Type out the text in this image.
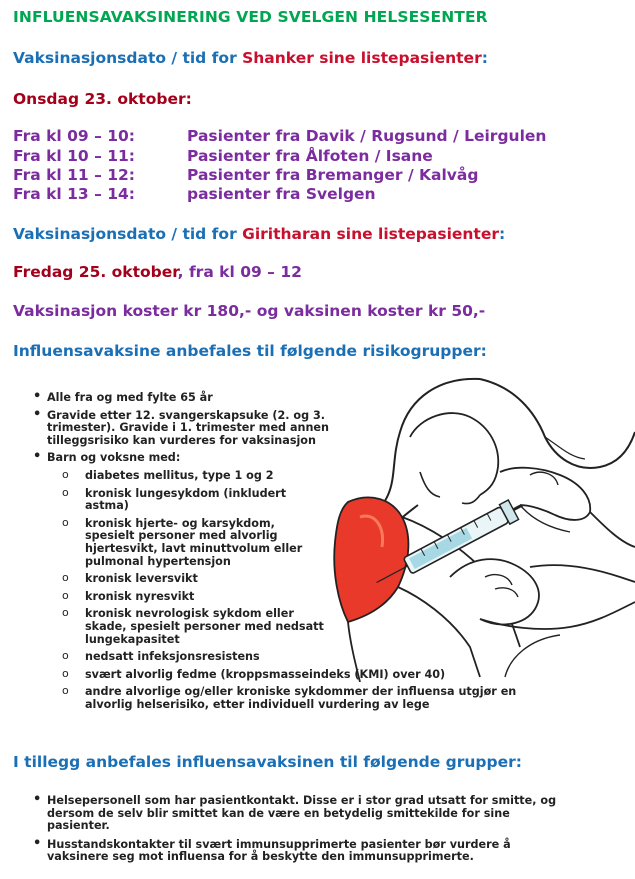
INFLUENSAVAKSINERING VED SVELGEN HELSESENTER
Vaksinasjonsdato / tid for Shanker sine listepasienter:
Onsdag 23. oktober:
Fra kl 09 – 10:	Pasienter fra Davik / Rugsund / Leirgulen
Fra kl 10 – 11:	Pasienter fra Ålfoten / Isane
Fra kl 11 – 12:	Pasienter fra Bremanger / Kalvåg
Fra kl 13 – 14:	pasienter fra Svelgen
Vaksinasjonsdato / tid for Giritharan sine listepasienter:
Fredag 25. oktober, fra kl 09 – 12
Vaksinasjon koster kr 180,- og vaksinen koster kr 50,-
Influensavaksine anbefales til følgende risikogrupper:
• Alle fra og med fylte 65 år
• Gravide etter 12. svangerskapsuke (2. og 3. trimester). Gravide i 1. trimester med annen tilleggsrisiko kan vurderes for vaksinasjon
• Barn og voksne med:
o diabetes mellitus, type 1 og 2
o kronisk lungesykdom (inkludert astma)
o kronisk hjerte- og karsykdom, spesielt personer med alvorlig hjertesvikt, lavt minuttvolum eller pulmonal hypertensjon
o kronisk leversvikt
o kronisk nyresvikt
o kronisk nevrologisk sykdom eller skade, spesielt personer med nedsatt lungekapasitet
o nedsatt infeksjonsresistens
o svært alvorlig fedme (kroppsmasseindeks (KMI) over 40)
o andre alvorlige og/eller kroniske sykdommer der influensa utgjør en alvorlig helserisiko, etter individuell vurdering av lege
I tillegg anbefales influensavaksinen til følgende grupper:
• Helsepersonell som har pasientkontakt. Disse er i stor grad utsatt for smitte, og dersom de selv blir smittet kan de være en betydelig smittekilde for sine pasienter.
• Husstandskontakter til svært immunsupprimerte pasienter bør vurdere å vaksinere seg mot influensa for å beskytte den immunsupprimerte.
